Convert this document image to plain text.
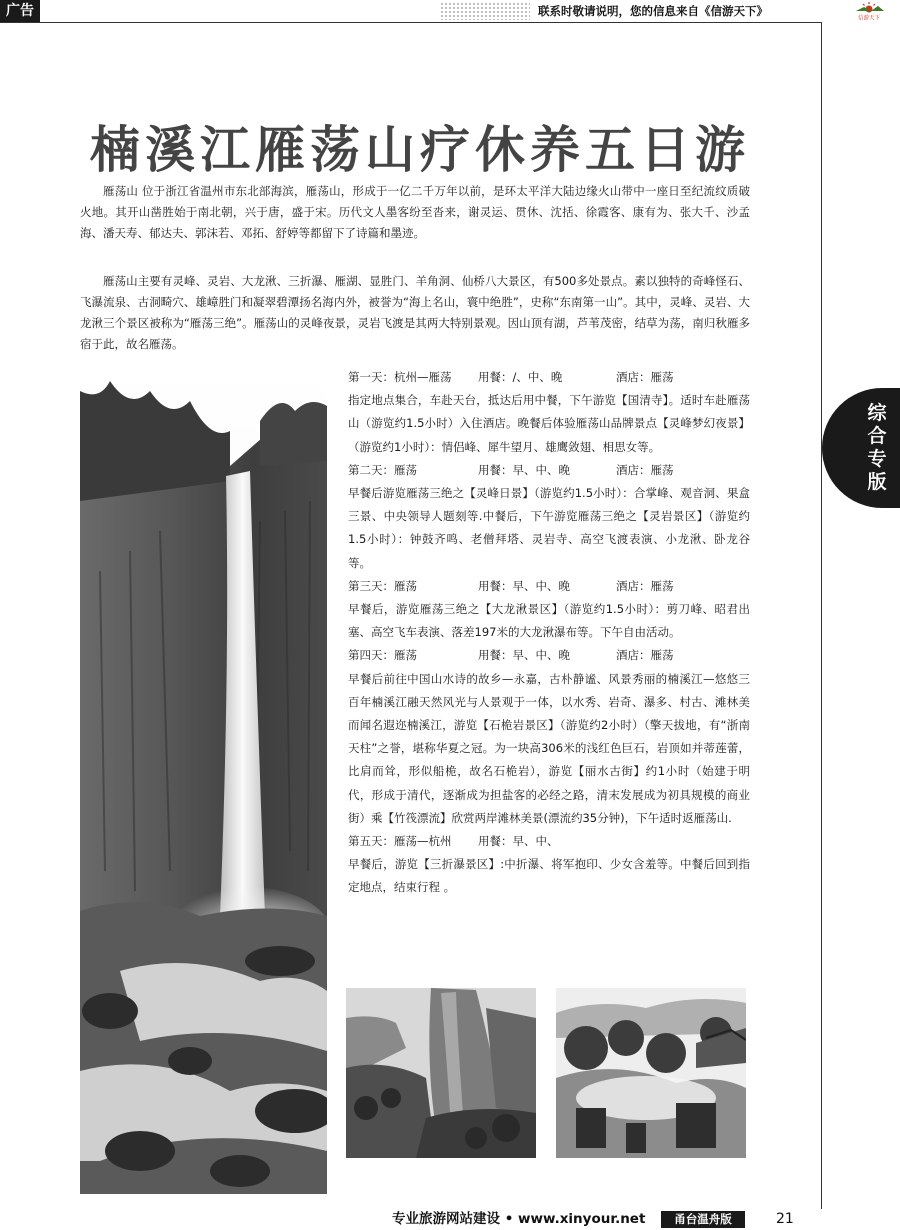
广告	联系时敬请说明，您的信息来自《信游天下》
信游天下
综
合
专
版
楠溪江雁荡山疗休养五日游

雁荡山 位于浙江省温州市东北部海滨，雁荡山，形成于一亿二千万年以前，是环太平洋大陆边缘火山带中一座日至纪流纹质破火地。其开山凿胜始于南北朝，兴于唐，盛于宋。历代文人墨客纷至沓来，谢灵运、贯休、沈括、徐霞客、康有为、张大千、沙孟海、潘天寿、郁达夫、郭沫若、邓拓、舒婷等都留下了诗篇和墨迹。

雁荡山主要有灵峰、灵岩、大龙湫、三折瀑、雁湖、显胜门、羊角洞、仙桥八大景区，有500多处景点。素以独特的奇峰怪石、飞瀑流泉、古洞畸穴、雄嶂胜门和凝翠碧潭扬名海内外，被誉为“海上名山，寰中绝胜”，史称“东南第一山”。其中，灵峰、灵岩、大龙湫三个景区被称为“雁荡三绝”。雁荡山的灵峰夜景，灵岩飞渡是其两大特别景观。因山顶有湖，芦苇茂密，结草为荡，南归秋雁多宿于此，故名雁荡。

第一天：杭州—雁荡 用餐：/、中、晚	酒店：雁荡

指定地点集合，车赴天台，抵达后用中餐，下午游览【国清寺】。适时车赴雁荡山（游览约1.5小时）入住酒店。晚餐后体验雁荡山品牌景点【灵峰梦幻夜景】（游览约1小时）：情侣峰、犀牛望月、雄鹰敛翅、相思女等。

第二天：雁荡	用餐：早、中、晚	酒店：雁荡

早餐后游览雁荡三绝之【灵峰日景】（游览约1.5小时）：合掌峰、观音洞、果盒三景、中央领导人题刻等.中餐后，下午游览雁荡三绝之【灵岩景区】（游览约1.5小时）：钟鼓齐鸣、老僧拜塔、灵岩寺、高空飞渡表演、小龙湫、卧龙谷等。

第三天：雁荡	用餐：早、中、晚	酒店：雁荡

早餐后，游览雁荡三绝之【大龙湫景区】（游览约1.5小时）：剪刀峰、昭君出塞、高空飞车表演、落差197米的大龙湫瀑布等。下午自由活动。

第四天：雁荡	用餐：早、中、晚	酒店：雁荡

早餐后前往中国山水诗的故乡—永嘉，古朴静谧、风景秀丽的楠溪江—悠悠三百年楠溪江融天然风光与人景观于一体，以水秀、岩奇、瀑多、村古、滩林美而闻名遐迩楠溪江，游览【石桅岩景区】（游览约2小时）（擎天拔地，有“浙南天柱”之誉，堪称华夏之冠。为一块高306米的浅红色巨石，岩顶如并蒂莲蕾，比肩而耸，形似船桅，故名石桅岩），游览【丽水古街】约1小时（始建于明代，形成于清代，逐渐成为担盐客的必经之路，清末发展成为初具规模的商业街）乘【竹筏漂流】欣赏两岸滩林美景(漂流约35分钟)，下午适时返雁荡山.

第五天：雁荡—杭州 用餐：早、中、

早餐后，游览【三折瀑景区】:中折瀑、将军抱印、少女含羞等。中餐后回到指定地点，结束行程 。

专业旅游网站建设 • www.xinyour.net	甬台温舟版	21
